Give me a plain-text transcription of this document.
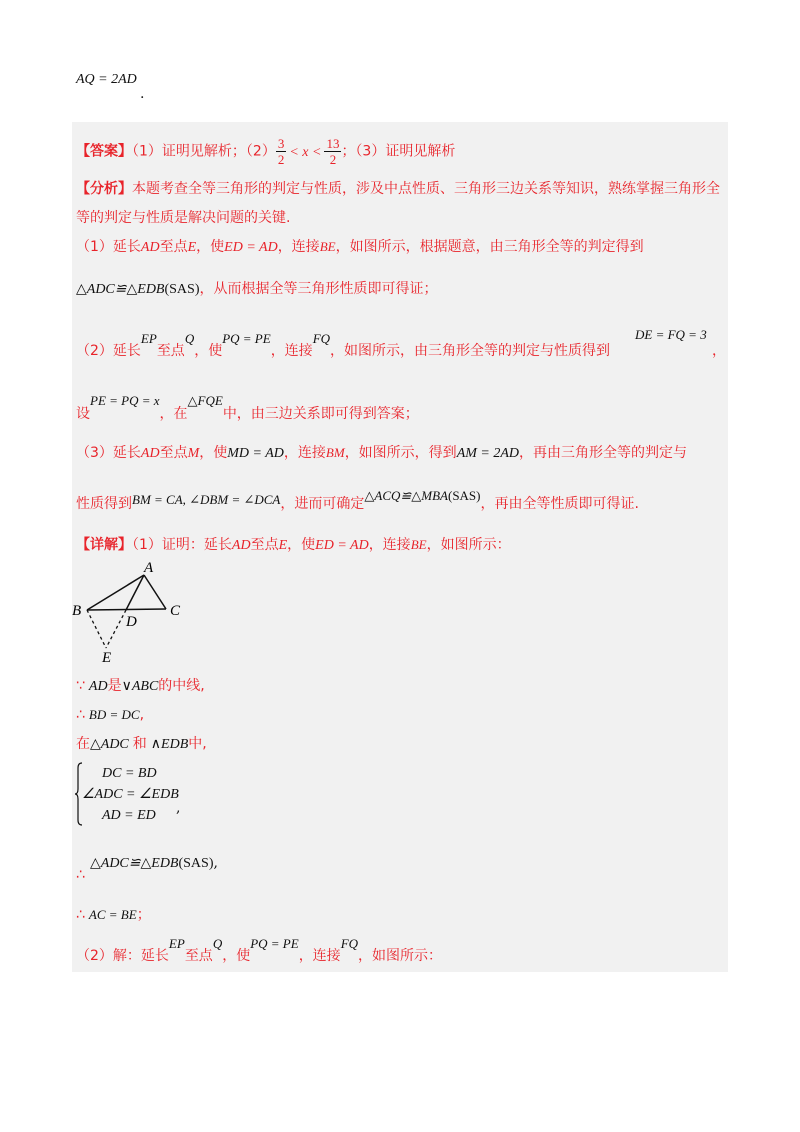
AQ = 2AD
.
【答案】（1）证明见解析；$(2) \frac{3}{2} < x < \frac{13}{2}$ ；（3）证明见解析
【分析】本题考查全等三角形的判定与性质，涉及中点性质、三角形三边关系等知识，熟练掌握三角形全
等的判定与性质是解决问题的关键.
（1）延长AD至点E，使ED = AD，连接BE，如图所示，根据题意，由三角形全等的判定得到
△ADC≌△EDB(SAS)，从而根据全等三角形性质即可得证；
（2）延长EP至点Q，使PQ = PE，连接FQ，如图所示，由三角形全等的判定与性质得到
DE = FQ = 3
，
设PE = PQ = x，在△FQE中，由三边关系即可得到答案；
（3）延长AD至点M，使MD = AD，连接BM，如图所示，得到AM = 2AD，再由三角形全等的判定与
性质得到BM = CA, ∠DBM = ∠DCA，进而可确定△ACQ≌△MBA(SAS)，再由全等性质即可得证.
【详解】（1）证明：延长AD至点E，使ED = AD，连接BE，如图所示：
A
B	C
D
E
∵ AD是∨ABC的中线,
∴ BD = DC,
在△ADC 和 ∧EDB中,
DC = BD
∠ADC = ∠EDB
AD = ED	,
∴
△ADC≌△EDB(SAS),
∴ AC = BE；
（2）解：延长EP至点Q，使PQ = PE，连接FQ，如图所示：
